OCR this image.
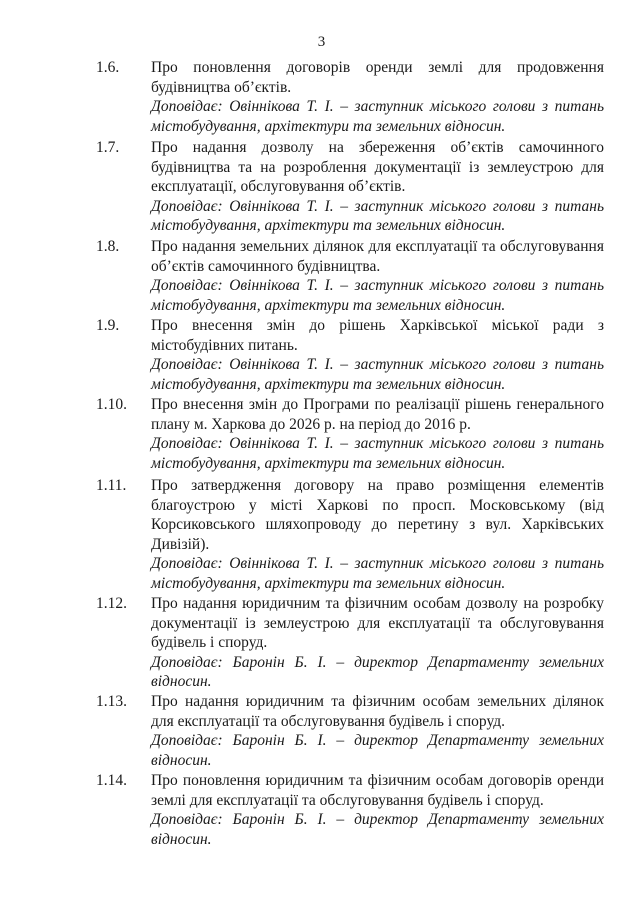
3
1.6.	Про поновлення договорів оренди землі для продовження будівництва об’єктів.

Доповідає: Овіннікова Т. І. – заступник міського голови з питань містобудування, архітектури та земельних відносин.

1.7.	Про надання дозволу на збереження об’єктів самочинного будівництва та на розроблення документації із землеустрою для експлуатації, обслуговування об’єктів.

Доповідає: Овіннікова Т. І. – заступник міського голови з питань містобудування, архітектури та земельних відносин.

1.8.	Про надання земельних ділянок для експлуатації та обслуговування об’єктів самочинного будівництва.

Доповідає: Овіннікова Т. І. – заступник міського голови з питань містобудування, архітектури та земельних відносин.

1.9.	Про внесення змін до рішень Харківської міської ради з містобудівних питань.

Доповідає: Овіннікова Т. І. – заступник міського голови з питань містобудування, архітектури та земельних відносин.

1.10.	Про внесення змін до Програми по реалізації рішень генерального плану м. Харкова до 2026 р. на період до 2016 р.

Доповідає: Овіннікова Т. І. – заступник міського голови з питань містобудування, архітектури та земельних відносин.

1.11.	Про затвердження договору на право розміщення елементів благоустрою у місті Харкові по просп. Московському (від Корсиковського шляхопроводу до перетину з вул. Харківських Дивізій).

Доповідає: Овіннікова Т. І. – заступник міського голови з питань містобудування, архітектури та земельних відносин.

1.12.	Про надання юридичним та фізичним особам дозволу на розробку документації із землеустрою для експлуатації та обслуговування будівель і споруд.

Доповідає: Баронін Б. І. – директор Департаменту земельних відносин.

1.13.	Про надання юридичним та фізичним особам земельних ділянок для експлуатації та обслуговування будівель і споруд.

Доповідає: Баронін Б. І. – директор Департаменту земельних відносин.

1.14.	Про поновлення юридичним та фізичним особам договорів оренди землі для експлуатації та обслуговування будівель і споруд.

Доповідає: Баронін Б. І. – директор Департаменту земельних відносин.
